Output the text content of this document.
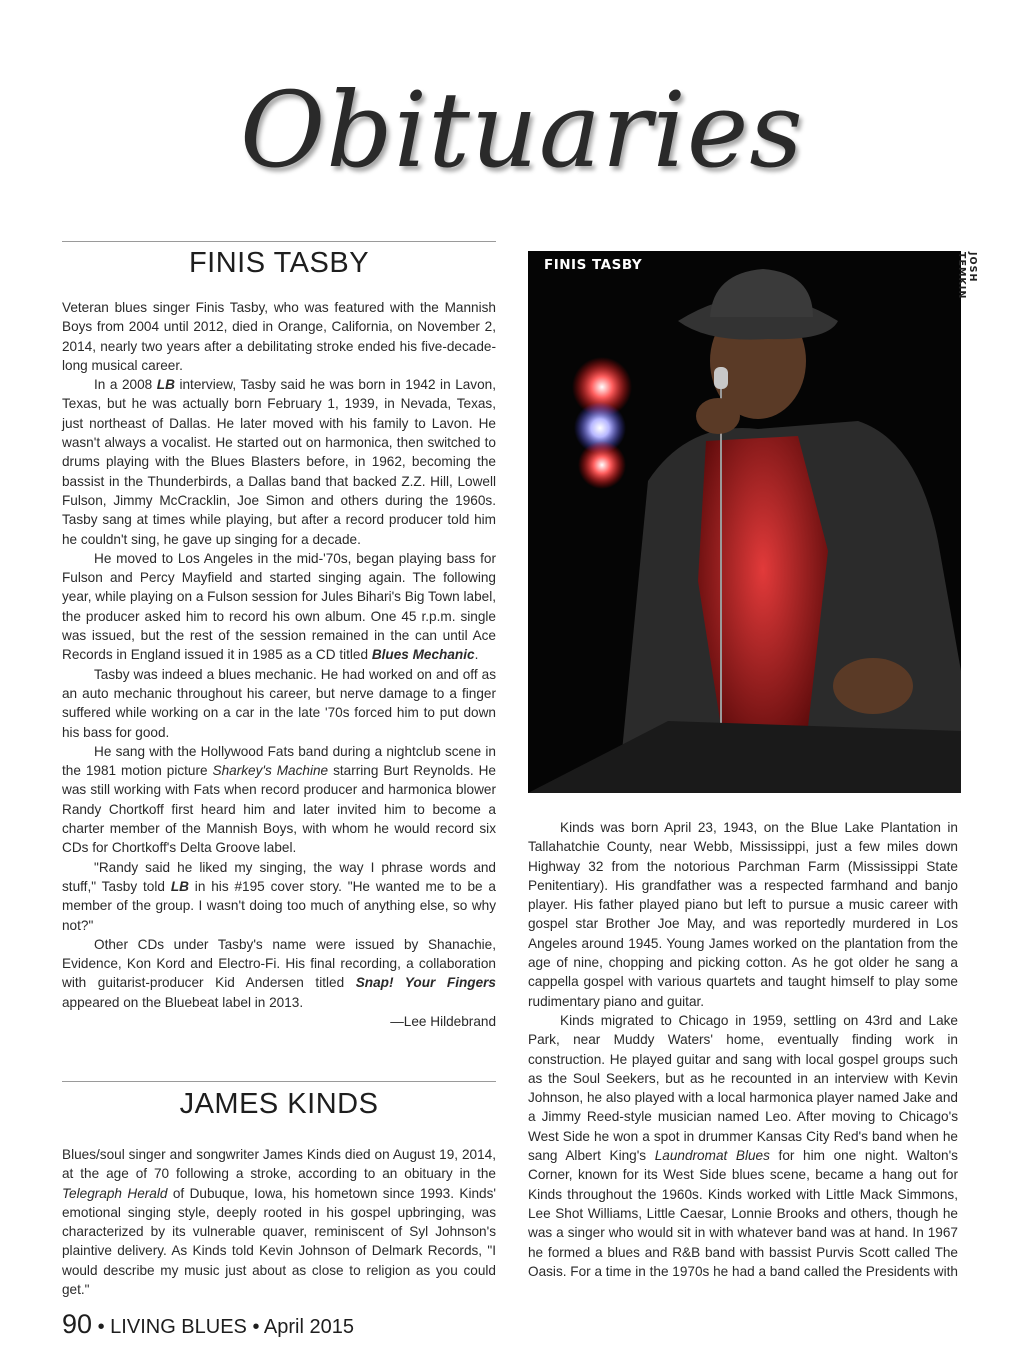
Obituaries
FINIS TASBY

Veteran blues singer Finis Tasby, who was featured with the Mannish Boys from 2004 until 2012, died in Orange, California, on November 2, 2014, nearly two years after a debilitating stroke ended his five-decade-long musical career.

In a 2008 LB interview, Tasby said he was born in 1942 in Lavon, Texas, but he was actually born February 1, 1939, in Nevada, Texas, just northeast of Dallas. He later moved with his family to Lavon. He wasn't always a vocalist. He started out on harmonica, then switched to drums playing with the Blues Blasters before, in 1962, becoming the bassist in the Thunderbirds, a Dallas band that backed Z.Z. Hill, Lowell Fulson, Jimmy McCracklin, Joe Simon and others during the 1960s. Tasby sang at times while playing, but after a record producer told him he couldn't sing, he gave up singing for a decade.

He moved to Los Angeles in the mid-'70s, began playing bass for Fulson and Percy Mayfield and started singing again. The following year, while playing on a Fulson session for Jules Bihari's Big Town label, the producer asked him to record his own album. One 45 r.p.m. single was issued, but the rest of the session remained in the can until Ace Records in England issued it in 1985 as a CD titled Blues Mechanic.

Tasby was indeed a blues mechanic. He had worked on and off as an auto mechanic throughout his career, but nerve damage to a finger suffered while working on a car in the late '70s forced him to put down his bass for good.

He sang with the Hollywood Fats band during a nightclub scene in the 1981 motion picture Sharkey's Machine starring Burt Reynolds. He was still working with Fats when record producer and harmonica blower Randy Chortkoff first heard him and later invited him to become a charter member of the Mannish Boys, with whom he would record six CDs for Chortkoff's Delta Groove label.

"Randy said he liked my singing, the way I phrase words and stuff," Tasby told LB in his #195 cover story. "He wanted me to be a member of the group. I wasn't doing too much of anything else, so why not?"

Other CDs under Tasby's name were issued by Shanachie, Evidence, Kon Kord and Electro-Fi. His final recording, a collaboration with guitarist-producer Kid Andersen titled Snap! Your Fingers appeared on the Bluebeat label in 2013.

—Lee Hildebrand

JAMES KINDS

Blues/soul singer and songwriter James Kinds died on August 19, 2014, at the age of 70 following a stroke, according to an obituary in the Telegraph Herald of Dubuque, Iowa, his hometown since 1993. Kinds' emotional singing style, deeply rooted in his gospel upbringing, was characterized by its vulnerable quaver, reminiscent of Syl Johnson's plaintive delivery. As Kinds told Kevin Johnson of Delmark Records, "I would describe my music just about as close to religion as you could get."

FINIS TASBY	JOSH TEMKIN

Kinds was born April 23, 1943, on the Blue Lake Plantation in Tallahatchie County, near Webb, Mississippi, just a few miles down Highway 32 from the notorious Parchman Farm (Mississippi State Penitentiary). His grandfather was a respected farmhand and banjo player. His father played piano but left to pursue a music career with gospel star Brother Joe May, and was reportedly murdered in Los Angeles around 1945. Young James worked on the plantation from the age of nine, chopping and picking cotton. As he got older he sang a cappella gospel with various quartets and taught himself to play some rudimentary piano and guitar.

Kinds migrated to Chicago in 1959, settling on 43rd and Lake Park, near Muddy Waters' home, eventually finding work in construction. He played guitar and sang with local gospel groups such as the Soul Seekers, but as he recounted in an interview with Kevin Johnson, he also played with a local harmonica player named Jake and a Jimmy Reed-style musician named Leo. After moving to Chicago's West Side he won a spot in drummer Kansas City Red's band when he sang Albert King's Laundromat Blues for him one night. Walton's Corner, known for its West Side blues scene, became a hang out for Kinds throughout the 1960s. Kinds worked with Little Mack Simmons, Lee Shot Williams, Little Caesar, Lonnie Brooks and others, though he was a singer who would sit in with whatever band was at hand. In 1967 he formed a blues and R&B band with bassist Purvis Scott called The Oasis. For a time in the 1970s he had a band called the Presidents with

90 • LIVING BLUES • April 2015
